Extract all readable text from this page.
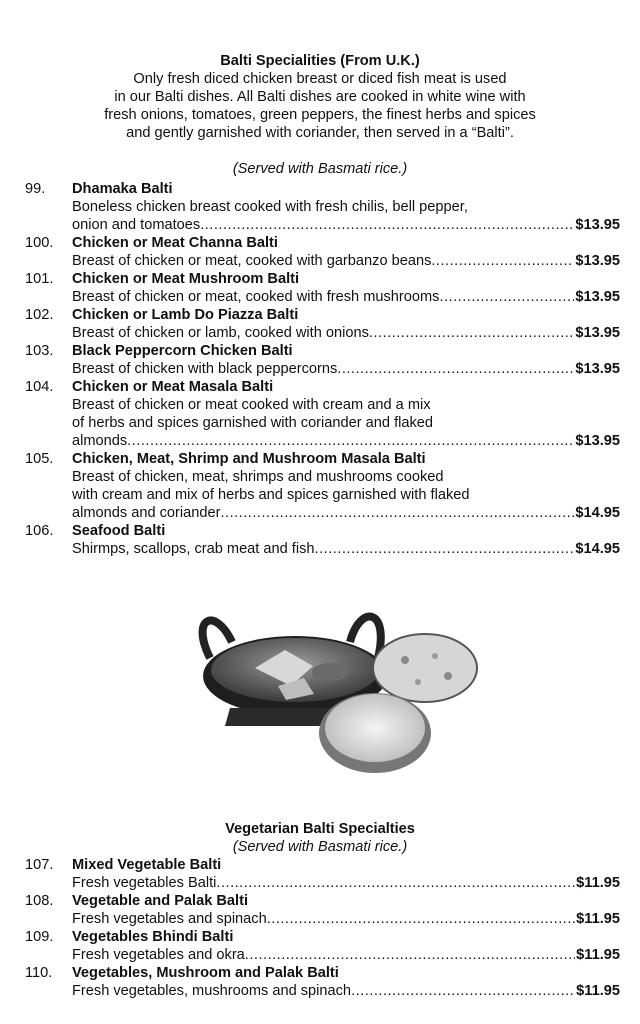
Balti Specialities (From U.K.)
Only fresh diced chicken breast or diced fish meat is used
in our Balti dishes. All Balti dishes are cooked in white wine with
fresh onions, tomatoes, green peppers, the finest herbs and spices
and gently garnished with coriander, then served in a “Balti”.
(Served with Basmati rice.)
99. Dhamaka Balti
Boneless chicken breast cooked with fresh chilis, bell pepper,
onion and tomatoes .....	$13.95
100. Chicken or Meat Channa Balti
Breast of chicken or meat, cooked with garbanzo beans .....	$13.95
101. Chicken or Meat Mushroom Balti
Breast of chicken or meat, cooked with fresh mushrooms .....	$13.95
102. Chicken or Lamb Do Piazza Balti
Breast of chicken or lamb, cooked with onions .....	$13.95
103. Black Peppercorn Chicken Balti
Breast of chicken with black peppercorns .....	$13.95
104. Chicken or Meat Masala Balti
Breast of chicken or meat cooked with cream and a mix
of herbs and spices garnished with coriander and flaked
almonds .....	$13.95
105. Chicken, Meat, Shrimp and Mushroom Masala Balti
Breast of chicken, meat, shrimps and mushrooms cooked
with cream and mix of herbs and spices garnished with flaked
almonds and coriander .....	$14.95
106. Seafood Balti
Shirmps, scallops, crab meat and fish .....	$14.95
Vegetarian Balti Specialties
(Served with Basmati rice.)
107. Mixed Vegetable Balti
Fresh vegetables Balti .....	$11.95
108. Vegetable and Palak Balti
Fresh vegetables and spinach .....	$11.95
109. Vegetables Bhindi Balti
Fresh vegetables and okra .....	$11.95
110. Vegetables, Mushroom and Palak Balti
Fresh vegetables, mushrooms and spinach .....	$11.95
